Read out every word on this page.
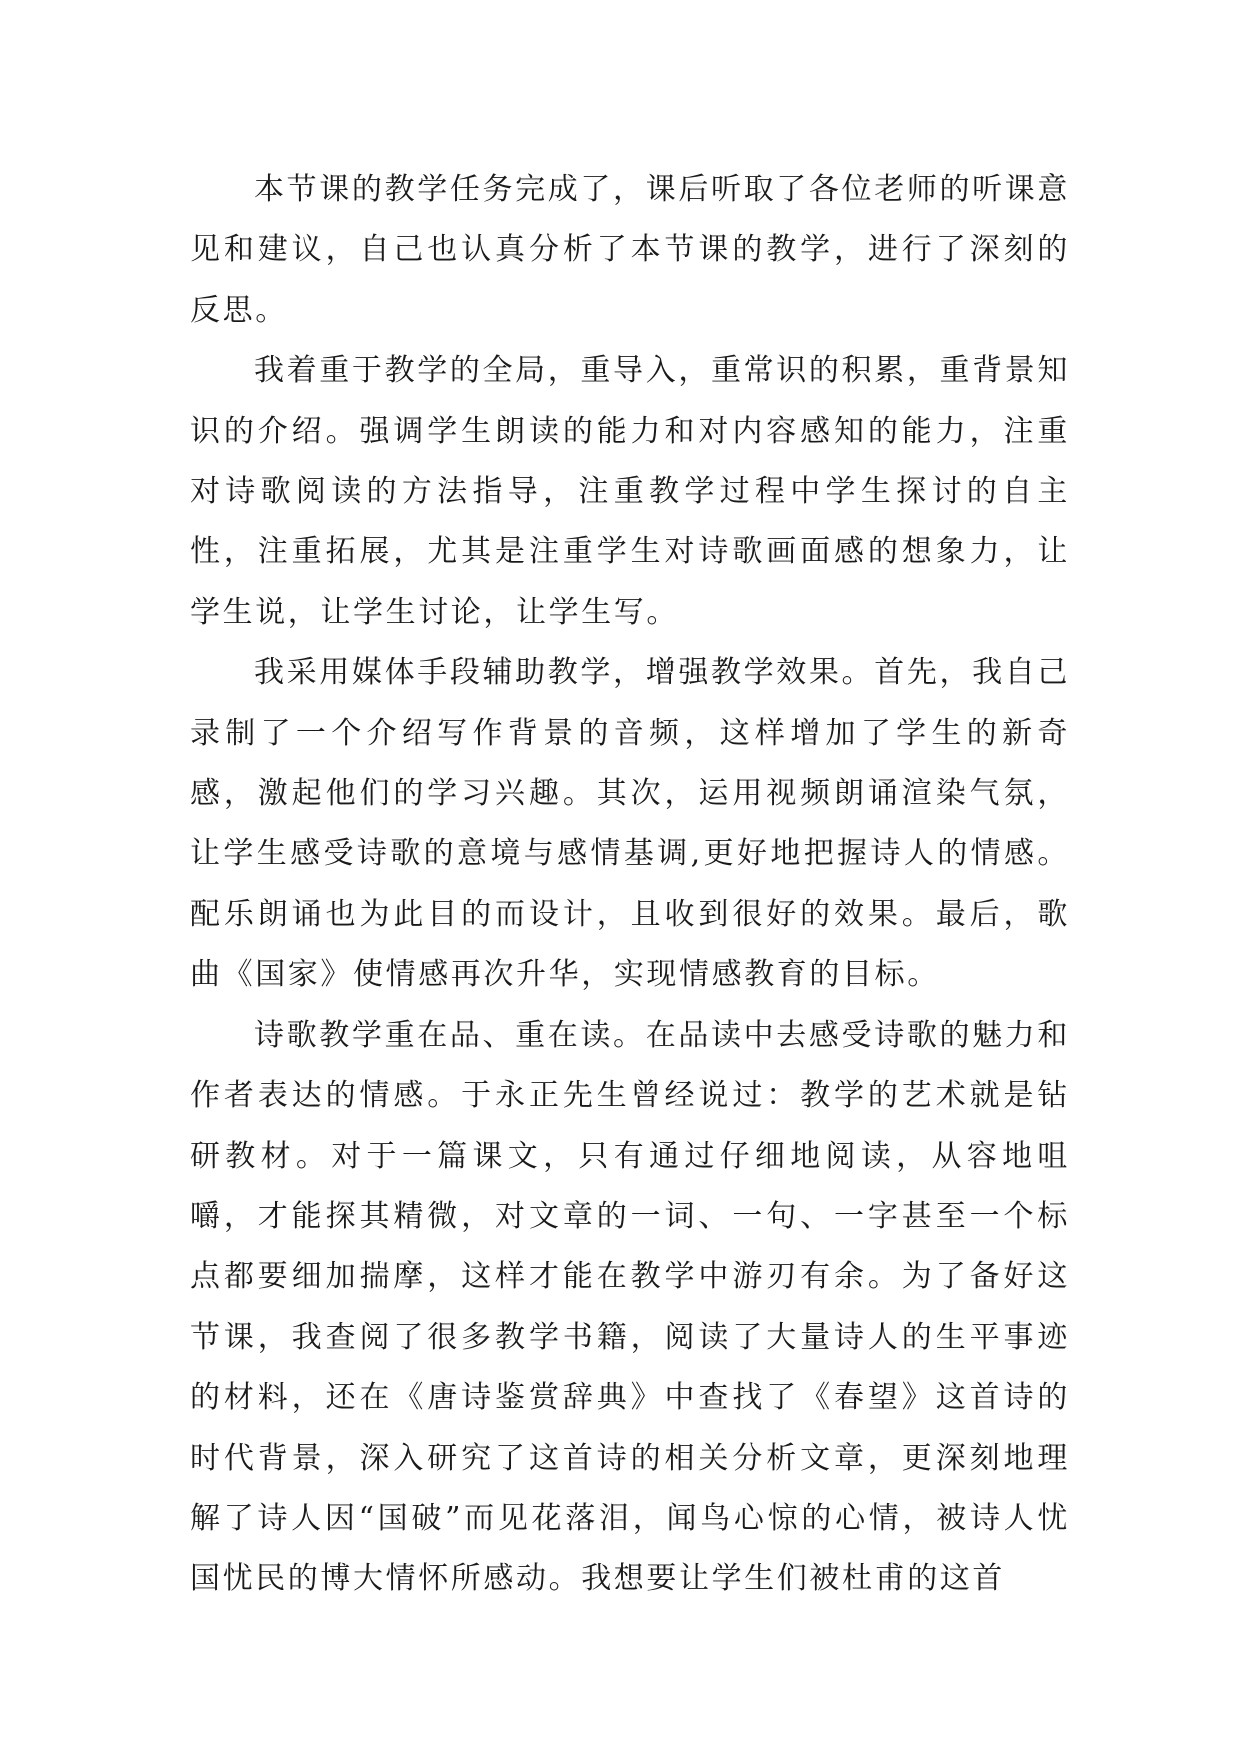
本节课的教学任务完成了，课后听取了各位老师的听课意见和建议，自己也认真分析了本节课的教学，进行了深刻的反思。

我着重于教学的全局，重导入，重常识的积累，重背景知识的介绍。强调学生朗读的能力和对内容感知的能力，注重对诗歌阅读的方法指导，注重教学过程中学生探讨的自主性，注重拓展，尤其是注重学生对诗歌画面感的想象力，让学生说，让学生讨论，让学生写。

我采用媒体手段辅助教学，增强教学效果。首先，我自己录制了一个介绍写作背景的音频，这样增加了学生的新奇感，激起他们的学习兴趣。其次，运用视频朗诵渲染气氛，让学生感受诗歌的意境与感情基调,更好地把握诗人的情感。配乐朗诵也为此目的而设计，且收到很好的效果。最后，歌曲《国家》使情感再次升华，实现情感教育的目标。

诗歌教学重在品、重在读。在品读中去感受诗歌的魅力和作者表达的情感。于永正先生曾经说过：教学的艺术就是钻研教材。对于一篇课文，只有通过仔细地阅读，从容地咀嚼，才能探其精微，对文章的一词、一句、一字甚至一个标点都要细加揣摩，这样才能在教学中游刃有余。为了备好这节课，我查阅了很多教学书籍，阅读了大量诗人的生平事迹的材料，还在《唐诗鉴赏辞典》中查找了《春望》这首诗的时代背景，深入研究了这首诗的相关分析文章，更深刻地理解了诗人因“国破”而见花落泪，闻鸟心惊的心情，被诗人忧国忧民的博大情怀所感动。我想要让学生们被杜甫的这首
